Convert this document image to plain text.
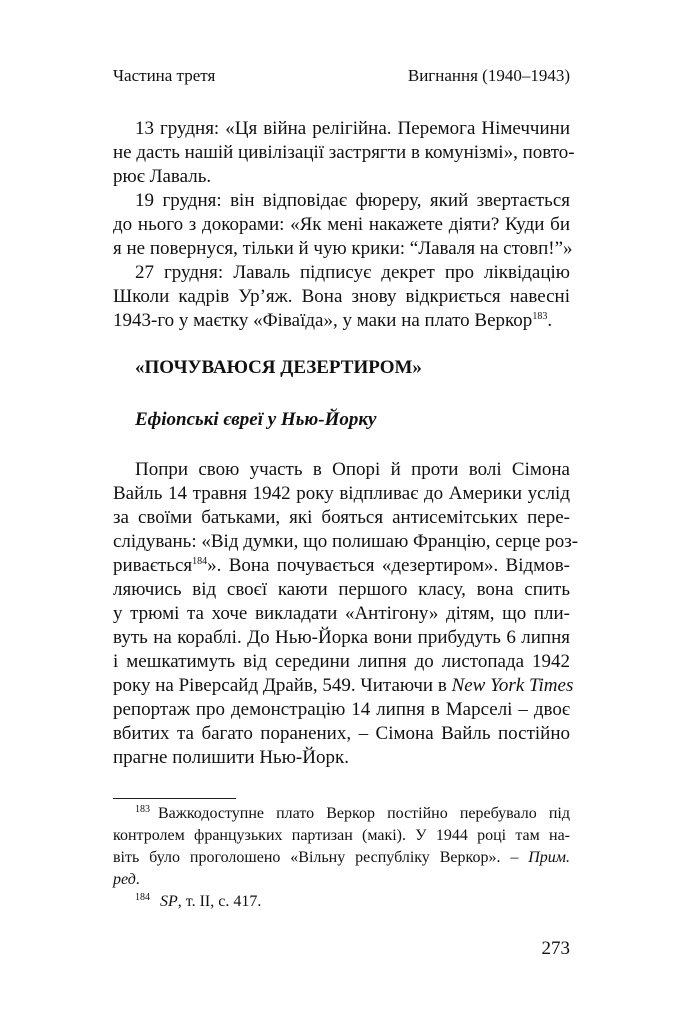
Частина третя	Вигнання (1940–1943)
13 грудня: «Ця війна релігійна. Перемога Німеччини
не дасть нашій цивілізації застрягти в комунізмі», повто-
рює Лаваль.
19 грудня: він відповідає фюреру, який звертається
до нього з докорами: «Як мені накажете діяти? Куди би
я не повернуся, тільки й чую крики: “Лаваля на стовп!”»
27 грудня: Лаваль підписує декрет про ліквідацію
Школи кадрів Ур’яж. Вона знову відкриється навесні
1943-го у маєтку «Фіваїда», у маки на плато Веркор$^{183}$.
«ПОЧУВАЮСЯ ДЕЗЕРТИРОМ»
Ефіопські євреї у Нью-Йорку
Попри свою участь в Опорі й проти волі Сімона
Вайль 14 травня 1942 року відпливає до Америки услід
за своїми батьками, які бояться антисемітських пере-
слідувань: «Від думки, що полишаю Францію, серце роз-
ривається$^{184}$». Вона почувається «дезертиром». Відмов-
ляючись від своєї каюти першого класу, вона спить
у трюмі та хоче викладати «Антігону» дітям, що пли-
вуть на кораблі. До Нью-Йорка вони прибудуть 6 липня
і мешкатимуть від середини липня до листопада 1942
року на Ріверсайд Драйв, 549. Читаючи в New York Times
репортаж про демонстрацію 14 липня в Марселі – двоє
вбитих та багато поранених, – Сімона Вайль постійно
прагне полишити Нью-Йорк.
$^{183}$ Важкодоступне плато Веркор постійно перебувало під
контролем французьких партизан (макі). У 1944 році там на-
віть було проголошено «Вільну республіку Веркор». – Прим.
ред.
$^{184}$ SP, т. ІІ, с. 417.
273
